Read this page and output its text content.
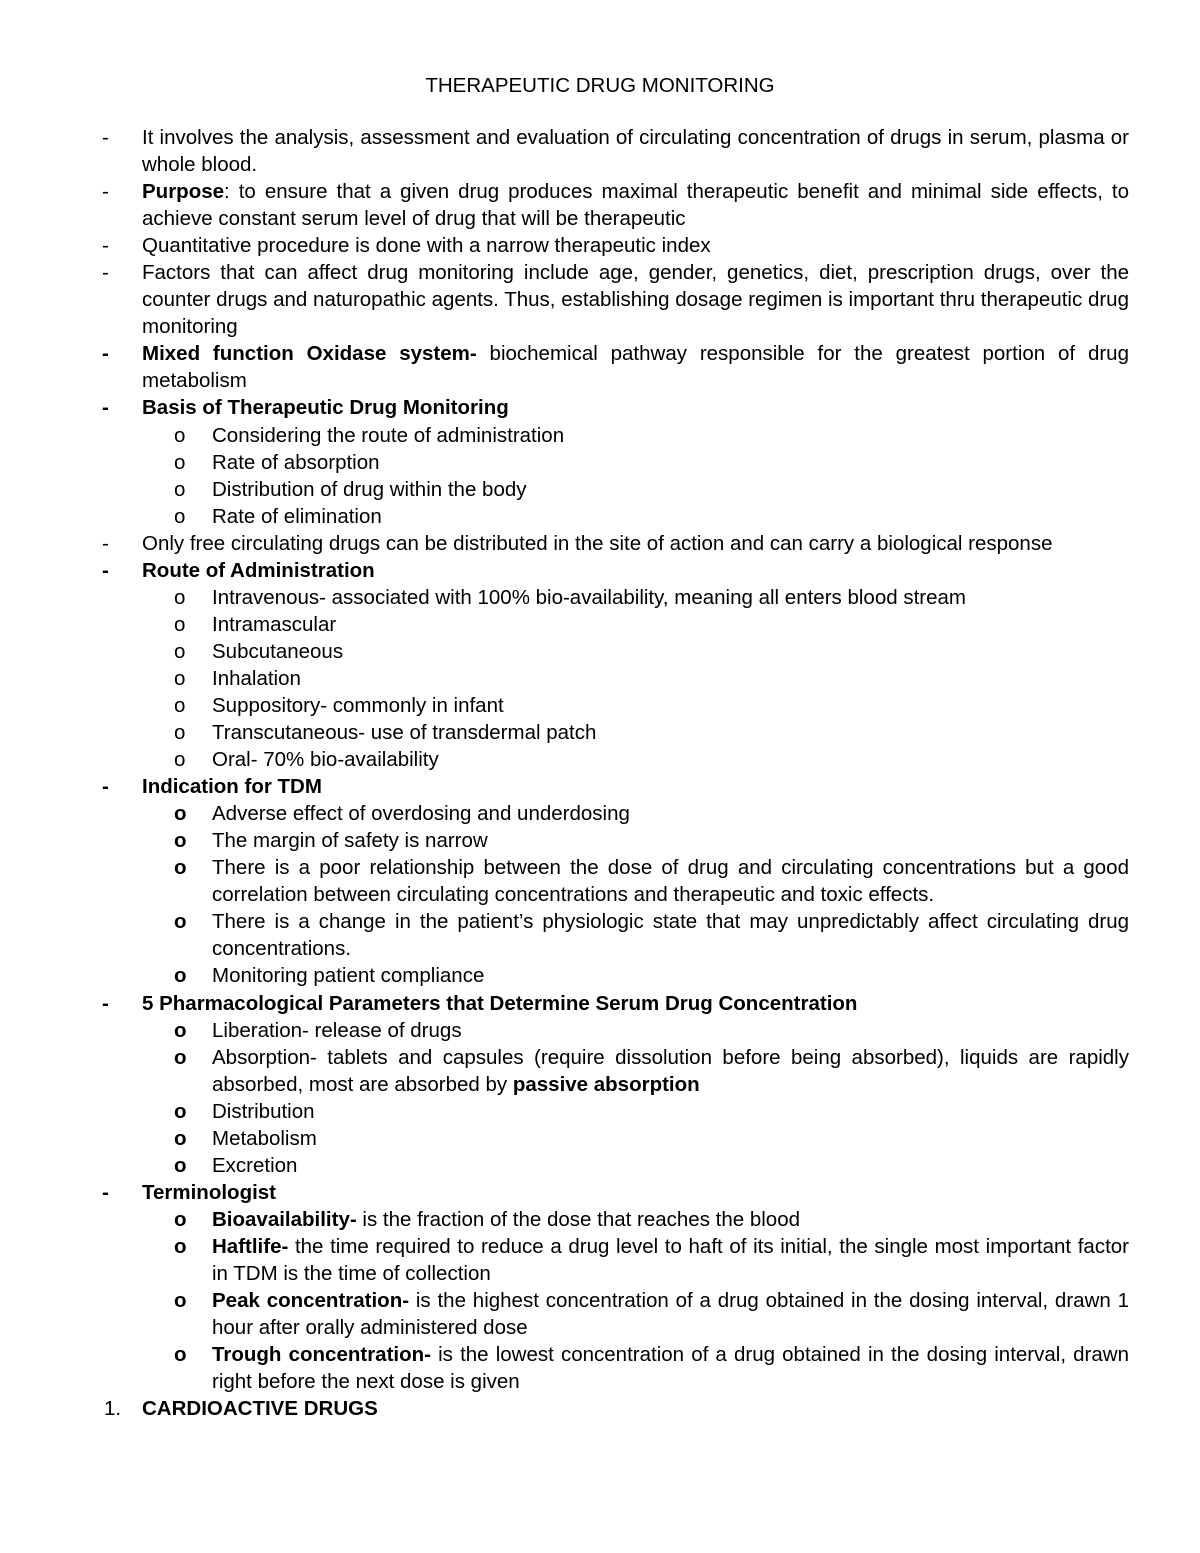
THERAPEUTIC DRUG MONITORING
- It involves the analysis, assessment and evaluation of circulating concentration of drugs in serum, plasma or whole blood.
- Purpose: to ensure that a given drug produces maximal therapeutic benefit and minimal side effects, to achieve constant serum level of drug that will be therapeutic
- Quantitative procedure is done with a narrow therapeutic index
- Factors that can affect drug monitoring include age, gender, genetics, diet, prescription drugs, over the counter drugs and naturopathic agents. Thus, establishing dosage regimen is important thru therapeutic drug monitoring
- Mixed function Oxidase system- biochemical pathway responsible for the greatest portion of drug metabolism
- Basis of Therapeutic Drug Monitoring
o Considering the route of administration
o Rate of absorption
o Distribution of drug within the body
o Rate of elimination
- Only free circulating drugs can be distributed in the site of action and can carry a biological response
- Route of Administration
o Intravenous- associated with 100% bio-availability, meaning all enters blood stream
o Intramascular
o Subcutaneous
o Inhalation
o Suppository- commonly in infant
o Transcutaneous- use of transdermal patch
o Oral- 70% bio-availability
- Indication for TDM
o Adverse effect of overdosing and underdosing
o The margin of safety is narrow
o There is a poor relationship between the dose of drug and circulating concentrations but a good correlation between circulating concentrations and therapeutic and toxic effects.
o There is a change in the patient’s physiologic state that may unpredictably affect circulating drug concentrations.
o Monitoring patient compliance
- 5 Pharmacological Parameters that Determine Serum Drug Concentration
o Liberation- release of drugs
o Absorption- tablets and capsules (require dissolution before being absorbed), liquids are rapidly absorbed, most are absorbed by passive absorption
o Distribution
o Metabolism
o Excretion
- Terminologist
o Bioavailability- is the fraction of the dose that reaches the blood
o Haftlife- the time required to reduce a drug level to haft of its initial, the single most important factor in TDM is the time of collection
o Peak concentration- is the highest concentration of a drug obtained in the dosing interval, drawn 1 hour after orally administered dose
o Trough concentration- is the lowest concentration of a drug obtained in the dosing interval, drawn right before the next dose is given
1. CARDIOACTIVE DRUGS
